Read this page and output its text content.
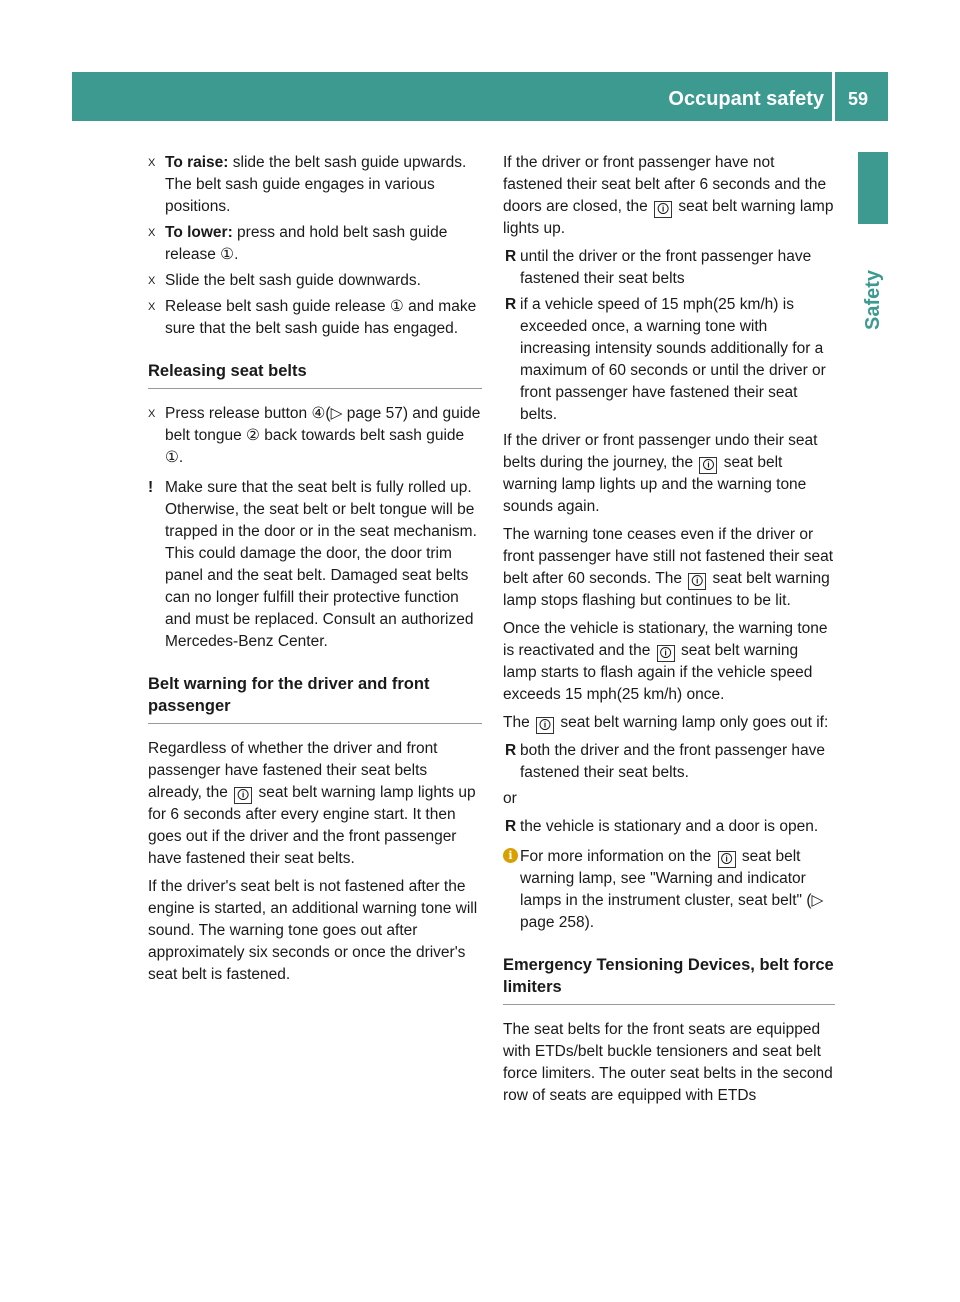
Occupant safety 59
Safety
X To raise: slide the belt sash guide upwards. The belt sash guide engages in various positions.
X To lower: press and hold belt sash guide release ①.
X Slide the belt sash guide downwards.
X Release belt sash guide release ① and make sure that the belt sash guide has engaged.
Releasing seat belts
X Press release button ④(▷ page 57) and guide belt tongue ② back towards belt sash guide ①.
! Make sure that the seat belt is fully rolled up. Otherwise, the seat belt or belt tongue will be trapped in the door or in the seat mechanism. This could damage the door, the door trim panel and the seat belt. Damaged seat belts can no longer fulfill their protective function and must be replaced. Consult an authorized Mercedes-Benz Center.
Belt warning for the driver and front passenger

Regardless of whether the driver and front passenger have fastened their seat belts already, the 🛈 seat belt warning lamp lights up for 6 seconds after every engine start. It then goes out if the driver and the front passenger have fastened their seat belts.

If the driver's seat belt is not fastened after the engine is started, an additional warning tone will sound. The warning tone goes out after approximately six seconds or once the driver's seat belt is fastened.

If the driver or front passenger have not fastened their seat belt after 6 seconds and the doors are closed, the 🛈 seat belt warning lamp lights up.

R until the driver or the front passenger have fastened their seat belts
R if a vehicle speed of 15 mph(25 km/h) is exceeded once, a warning tone with increasing intensity sounds additionally for a maximum of 60 seconds or until the driver or front passenger have fastened their seat belts.

If the driver or front passenger undo their seat belts during the journey, the 🛈 seat belt warning lamp lights up and the warning tone sounds again.

The warning tone ceases even if the driver or front passenger have still not fastened their seat belt after 60 seconds. The 🛈 seat belt warning lamp stops flashing but continues to be lit.

Once the vehicle is stationary, the warning tone is reactivated and the 🛈 seat belt warning lamp starts to flash again if the vehicle speed exceeds 15 mph(25 km/h) once.

The 🛈 seat belt warning lamp only goes out if:

R both the driver and the front passenger have fastened their seat belts.

or

R the vehicle is stationary and a door is open.
i For more information on the 🛈 seat belt warning lamp, see "Warning and indicator lamps in the instrument cluster, seat belt" (▷ page 258).
Emergency Tensioning Devices, belt force limiters

The seat belts for the front seats are equipped with ETDs/belt buckle tensioners and seat belt force limiters. The outer seat belts in the second row of seats are equipped with ETDs
